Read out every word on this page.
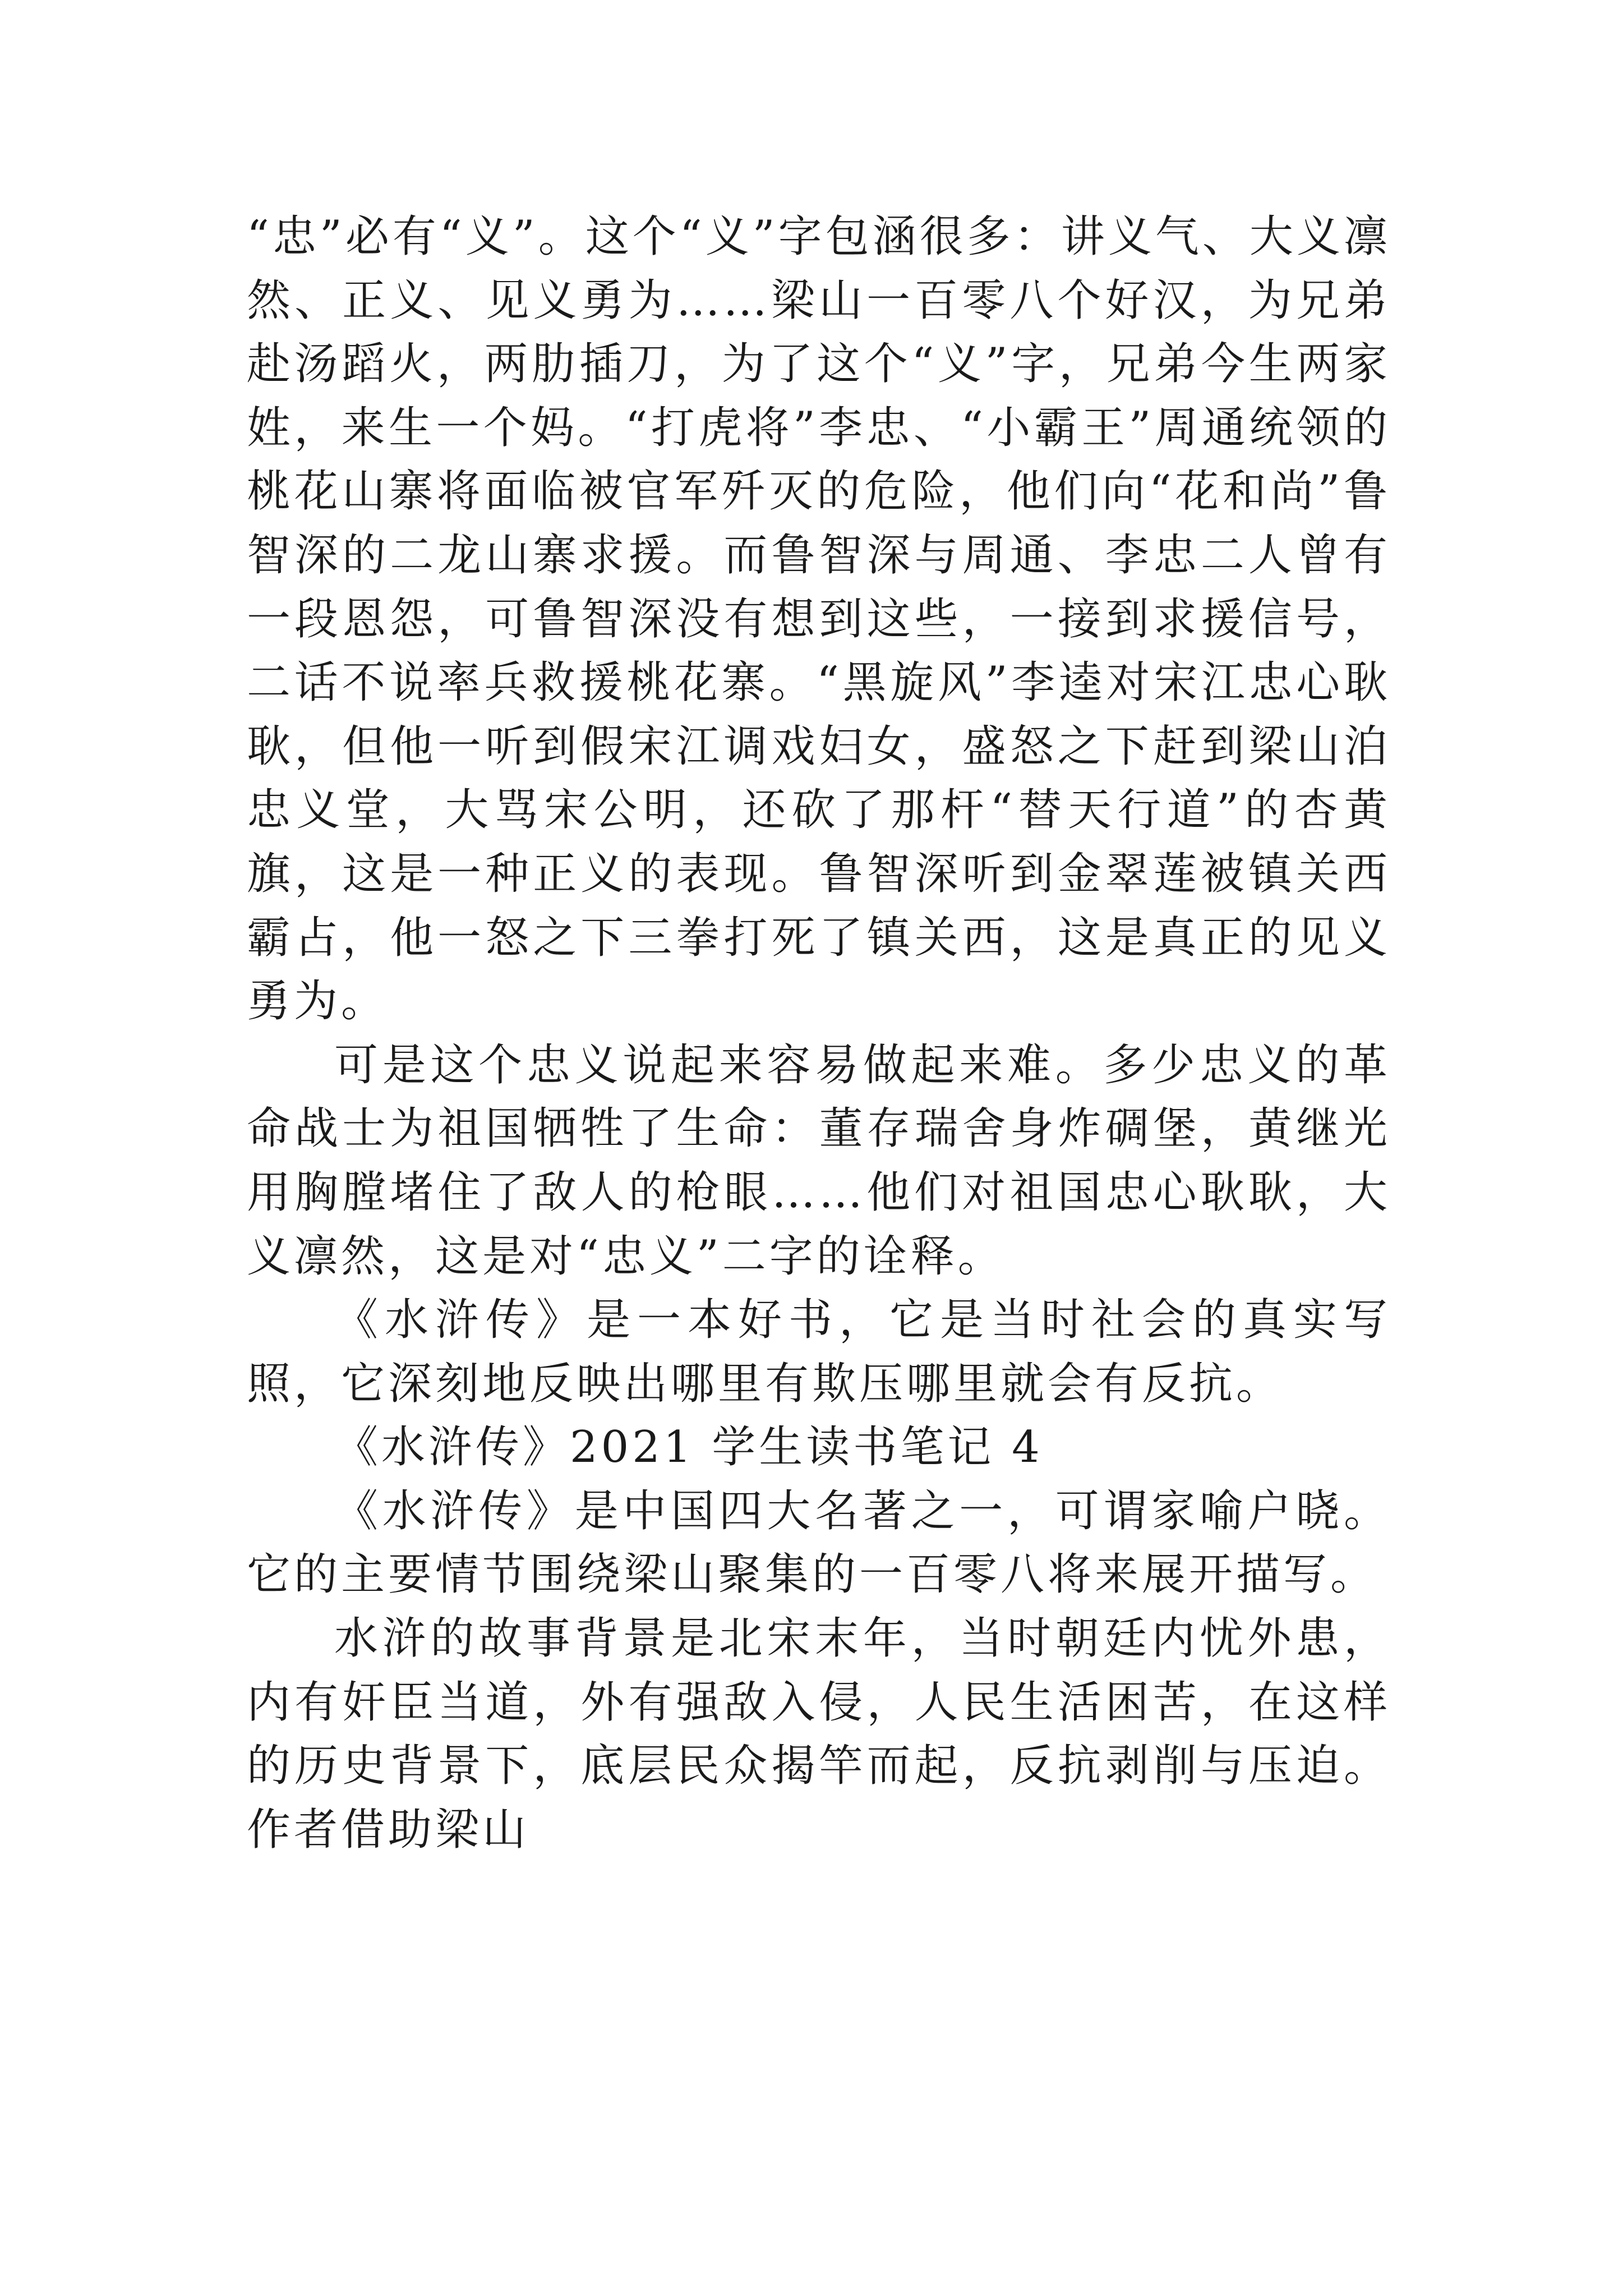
“忠”必有“义”。这个“义”字包涵很多：讲义气、大义凛然、正义、见义勇为……梁山一百零八个好汉，为兄弟赴汤蹈火，两肋插刀，为了这个“义”字，兄弟今生两家姓，来生一个妈。“打虎将”李忠、“小霸王”周通统领的桃花山寨将面临被官军歼灭的危险，他们向“花和尚”鲁智深的二龙山寨求援。而鲁智深与周通、李忠二人曾有一段恩怨，可鲁智深没有想到这些，一接到求援信号，二话不说率兵救援桃花寨。“黑旋风”李逵对宋江忠心耿耿，但他一听到假宋江调戏妇女，盛怒之下赶到梁山泊忠义堂，大骂宋公明，还砍了那杆“替天行道”的杏黄旗，这是一种正义的表现。鲁智深听到金翠莲被镇关西霸占，他一怒之下三拳打死了镇关西，这是真正的见义勇为。

可是这个忠义说起来容易做起来难。多少忠义的革命战士为祖国牺牲了生命：董存瑞舍身炸碉堡，黄继光用胸膛堵住了敌人的枪眼……他们对祖国忠心耿耿，大义凛然，这是对“忠义”二字的诠释。

《水浒传》是一本好书，它是当时社会的真实写照，它深刻地反映出哪里有欺压哪里就会有反抗。

《水浒传》2021 学生读书笔记 4

《水浒传》是中国四大名著之一，可谓家喻户晓。它的主要情节围绕梁山聚集的一百零八将来展开描写。

水浒的故事背景是北宋末年，当时朝廷内忧外患，内有奸臣当道，外有强敌入侵，人民生活困苦，在这样的历史背景下，底层民众揭竿而起，反抗剥削与压迫。作者借助梁山
